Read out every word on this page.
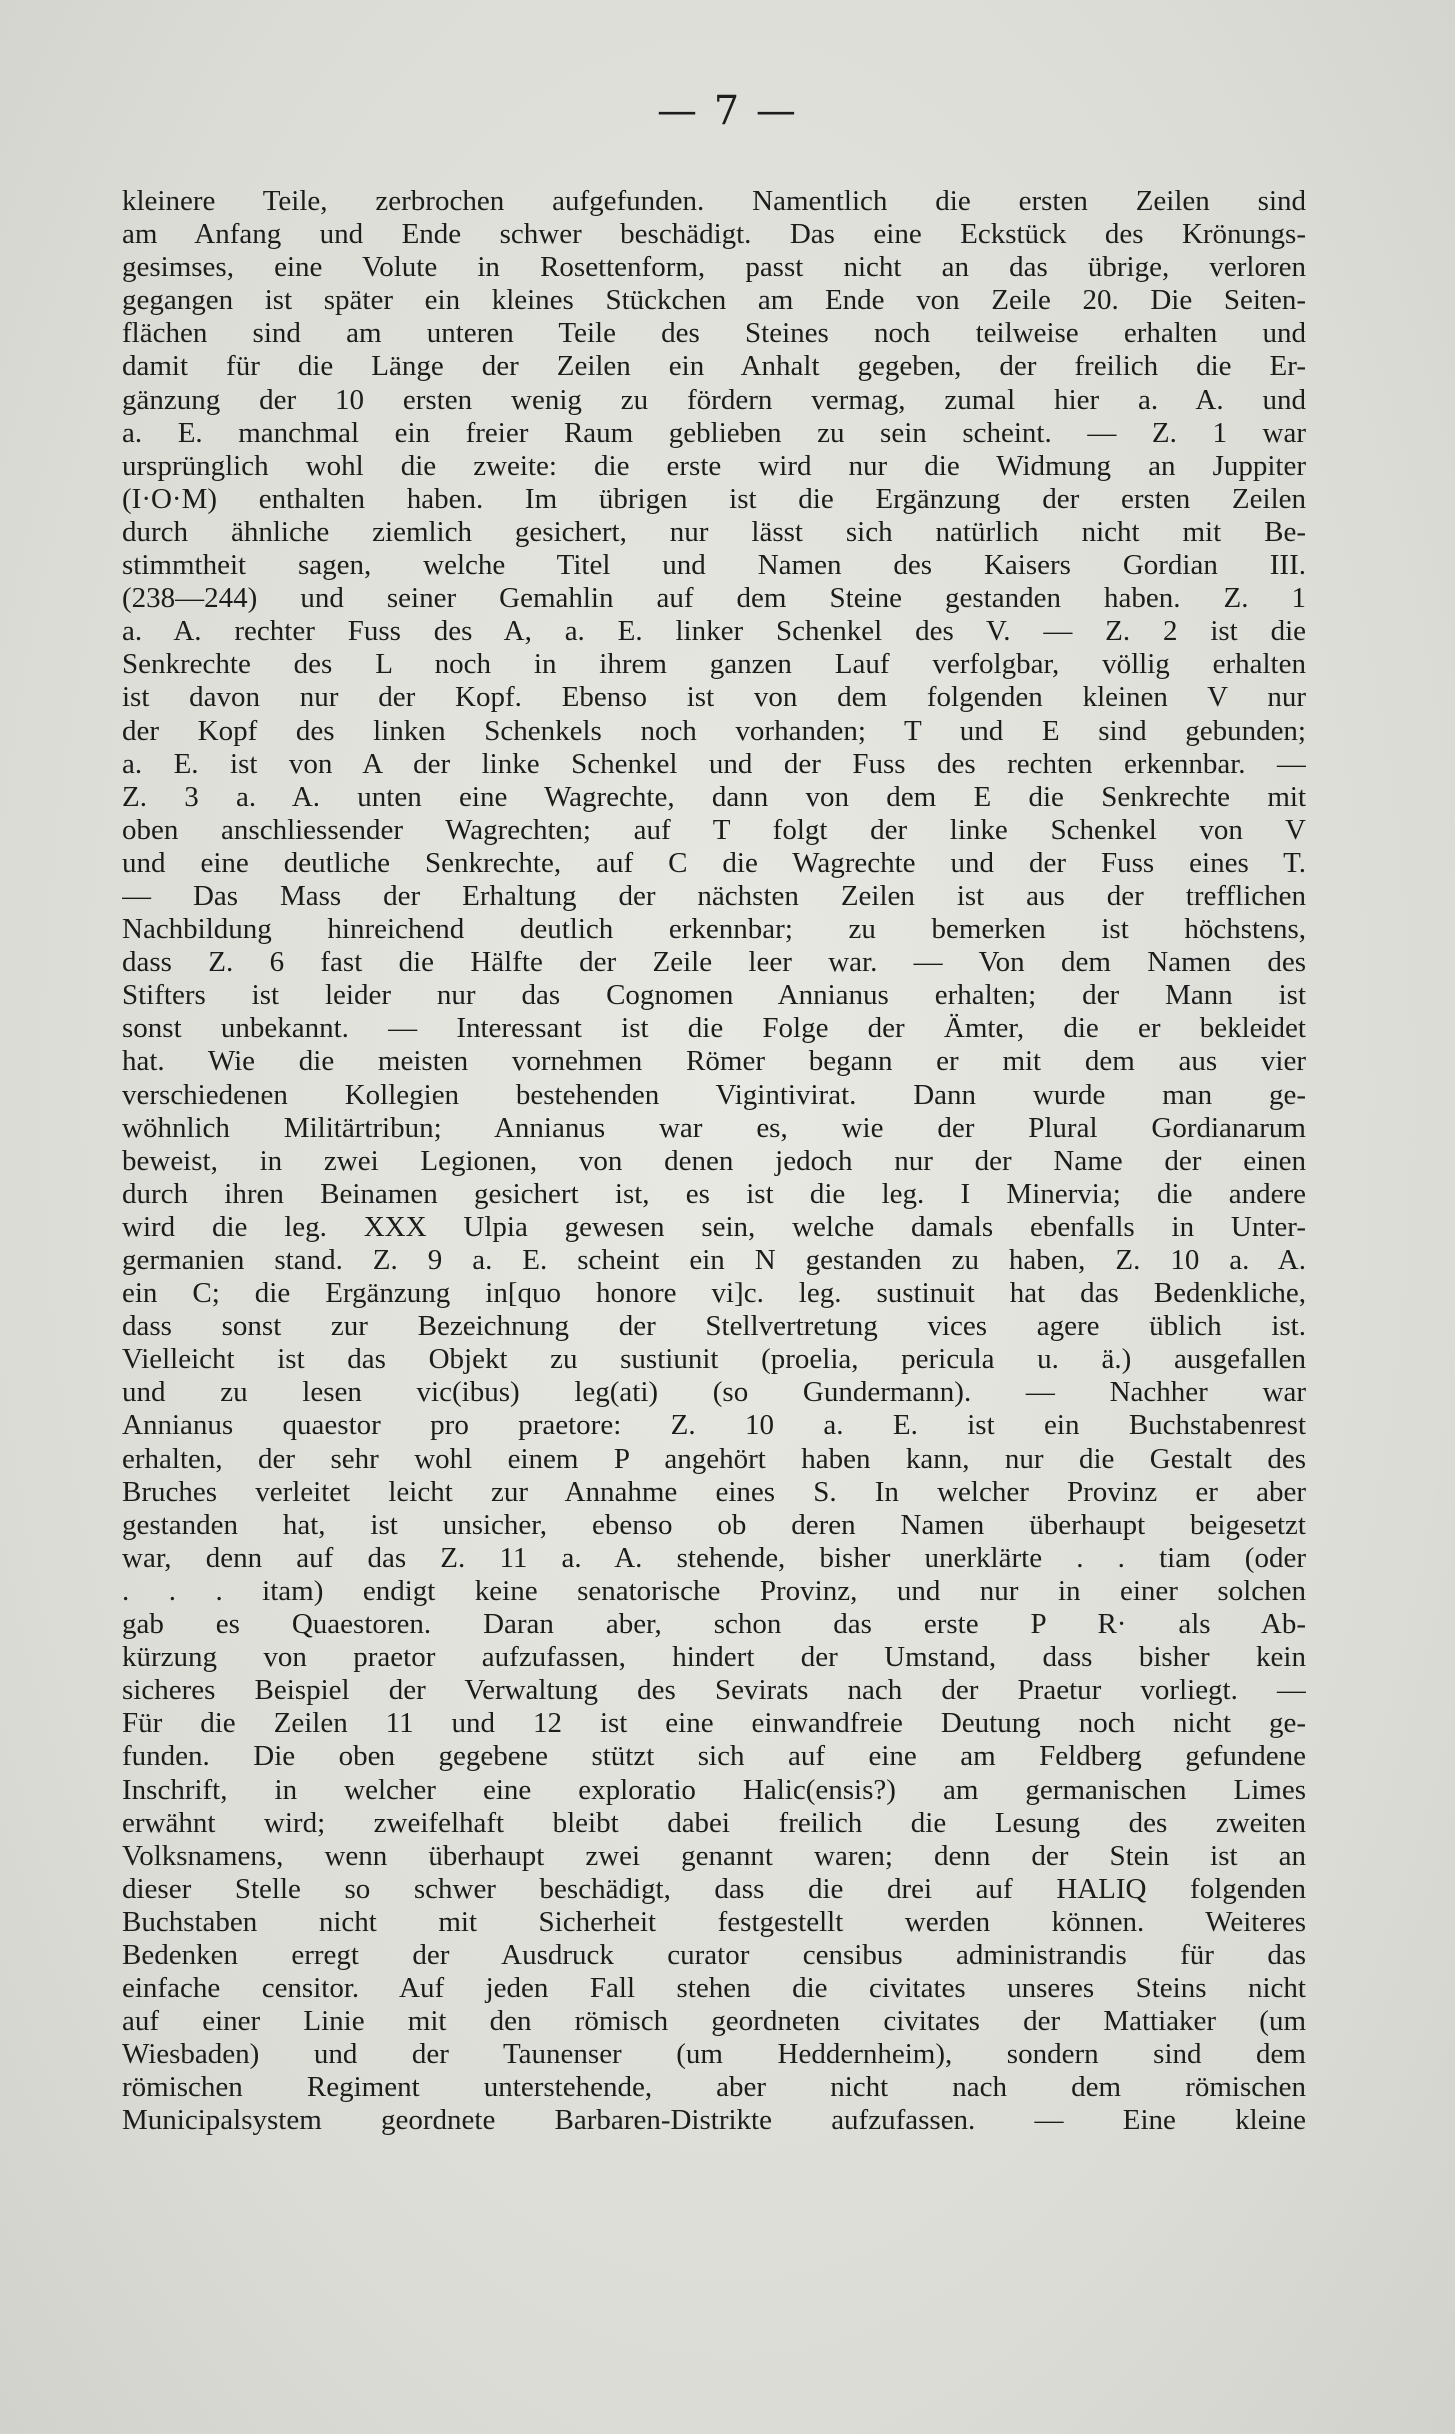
— 7 —
kleinere Teile, zerbrochen aufgefunden. Namentlich die ersten Zeilen sind
am Anfang und Ende schwer beschädigt. Das eine Eckstück des Krönungs-
gesimses, eine Volute in Rosettenform, passt nicht an das übrige, verloren
gegangen ist später ein kleines Stückchen am Ende von Zeile 20. Die Seiten-
flächen sind am unteren Teile des Steines noch teilweise erhalten und
damit für die Länge der Zeilen ein Anhalt gegeben, der freilich die Er-
gänzung der 10 ersten wenig zu fördern vermag, zumal hier a. A. und
a. E. manchmal ein freier Raum geblieben zu sein scheint. — Z. 1 war
ursprünglich wohl die zweite: die erste wird nur die Widmung an Juppiter
(I·O·M) enthalten haben. Im übrigen ist die Ergänzung der ersten Zeilen
durch ähnliche ziemlich gesichert, nur lässt sich natürlich nicht mit Be-
stimmtheit sagen, welche Titel und Namen des Kaisers Gordian III.
(238—244) und seiner Gemahlin auf dem Steine gestanden haben. Z. 1
a. A. rechter Fuss des A, a. E. linker Schenkel des V. — Z. 2 ist die
Senkrechte des L noch in ihrem ganzen Lauf verfolgbar, völlig erhalten
ist davon nur der Kopf. Ebenso ist von dem folgenden kleinen V nur
der Kopf des linken Schenkels noch vorhanden; T und E sind gebunden;
a. E. ist von A der linke Schenkel und der Fuss des rechten erkennbar. —
Z. 3 a. A. unten eine Wagrechte, dann von dem E die Senkrechte mit
oben anschliessender Wagrechten; auf T folgt der linke Schenkel von V
und eine deutliche Senkrechte, auf C die Wagrechte und der Fuss eines T.
— Das Mass der Erhaltung der nächsten Zeilen ist aus der trefflichen
Nachbildung hinreichend deutlich erkennbar; zu bemerken ist höchstens,
dass Z. 6 fast die Hälfte der Zeile leer war. — Von dem Namen des
Stifters ist leider nur das Cognomen Annianus erhalten; der Mann ist
sonst unbekannt. — Interessant ist die Folge der Ämter, die er bekleidet
hat. Wie die meisten vornehmen Römer begann er mit dem aus vier
verschiedenen Kollegien bestehenden Vigintivirat. Dann wurde man ge-
wöhnlich Militärtribun; Annianus war es, wie der Plural Gordianarum
beweist, in zwei Legionen, von denen jedoch nur der Name der einen
durch ihren Beinamen gesichert ist, es ist die leg. I Minervia; die andere
wird die leg. XXX Ulpia gewesen sein, welche damals ebenfalls in Unter-
germanien stand. Z. 9 a. E. scheint ein N gestanden zu haben, Z. 10 a. A.
ein C; die Ergänzung in[quo honore vi]c. leg. sustinuit hat das Bedenkliche,
dass sonst zur Bezeichnung der Stellvertretung vices agere üblich ist.
Vielleicht ist das Objekt zu sustiunit (proelia, pericula u. ä.) ausgefallen
und zu lesen vic(ibus) leg(ati) (so Gundermann). — Nachher war
Annianus quaestor pro praetore: Z. 10 a. E. ist ein Buchstabenrest
erhalten, der sehr wohl einem P angehört haben kann, nur die Gestalt des
Bruches verleitet leicht zur Annahme eines S. In welcher Provinz er aber
gestanden hat, ist unsicher, ebenso ob deren Namen überhaupt beigesetzt
war, denn auf das Z. 11 a. A. stehende, bisher unerklärte . . tiam (oder
. . . itam) endigt keine senatorische Provinz, und nur in einer solchen
gab es Quaestoren. Daran aber, schon das erste P R· als Ab-
kürzung von praetor aufzufassen, hindert der Umstand, dass bisher kein
sicheres Beispiel der Verwaltung des Sevirats nach der Praetur vorliegt. —
Für die Zeilen 11 und 12 ist eine einwandfreie Deutung noch nicht ge-
funden. Die oben gegebene stützt sich auf eine am Feldberg gefundene
Inschrift, in welcher eine exploratio Halic(ensis?) am germanischen Limes
erwähnt wird; zweifelhaft bleibt dabei freilich die Lesung des zweiten
Volksnamens, wenn überhaupt zwei genannt waren; denn der Stein ist an
dieser Stelle so schwer beschädigt, dass die drei auf HALIQ folgenden
Buchstaben nicht mit Sicherheit festgestellt werden können. Weiteres
Bedenken erregt der Ausdruck curator censibus administrandis für das
einfache censitor. Auf jeden Fall stehen die civitates unseres Steins nicht
auf einer Linie mit den römisch geordneten civitates der Mattiaker (um
Wiesbaden) und der Taunenser (um Heddernheim), sondern sind dem
römischen Regiment unterstehende, aber nicht nach dem römischen
Municipalsystem geordnete Barbaren-Distrikte aufzufassen. — Eine kleine
